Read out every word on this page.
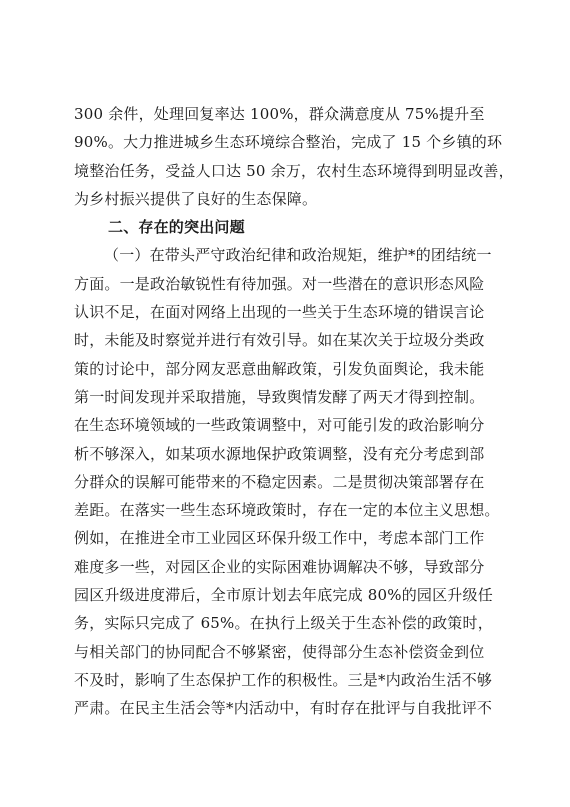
300 余件，处理回复率达 100%，群众满意度从 75%提升至
90%。大力推进城乡生态环境综合整治，完成了 15 个乡镇的环
境整治任务，受益人口达 50 余万，农村生态环境得到明显改善，
为乡村振兴提供了良好的生态保障。
二、存在的突出问题
（一）在带头严守政治纪律和政治规矩，维护*的团结统一
方面。一是政治敏锐性有待加强。对一些潜在的意识形态风险
认识不足，在面对网络上出现的一些关于生态环境的错误言论
时，未能及时察觉并进行有效引导。如在某次关于垃圾分类政
策的讨论中，部分网友恶意曲解政策，引发负面舆论，我未能
第一时间发现并采取措施，导致舆情发酵了两天才得到控制。
在生态环境领域的一些政策调整中，对可能引发的政治影响分
析不够深入，如某项水源地保护政策调整，没有充分考虑到部
分群众的误解可能带来的不稳定因素。二是贯彻决策部署存在
差距。在落实一些生态环境政策时，存在一定的本位主义思想。
例如，在推进全市工业园区环保升级工作中，考虑本部门工作
难度多一些，对园区企业的实际困难协调解决不够，导致部分
园区升级进度滞后，全市原计划去年底完成 80%的园区升级任
务，实际只完成了 65%。在执行上级关于生态补偿的政策时，
与相关部门的协同配合不够紧密，使得部分生态补偿资金到位
不及时，影响了生态保护工作的积极性。三是*内政治生活不够
严肃。在民主生活会等*内活动中，有时存在批评与自我批评不
